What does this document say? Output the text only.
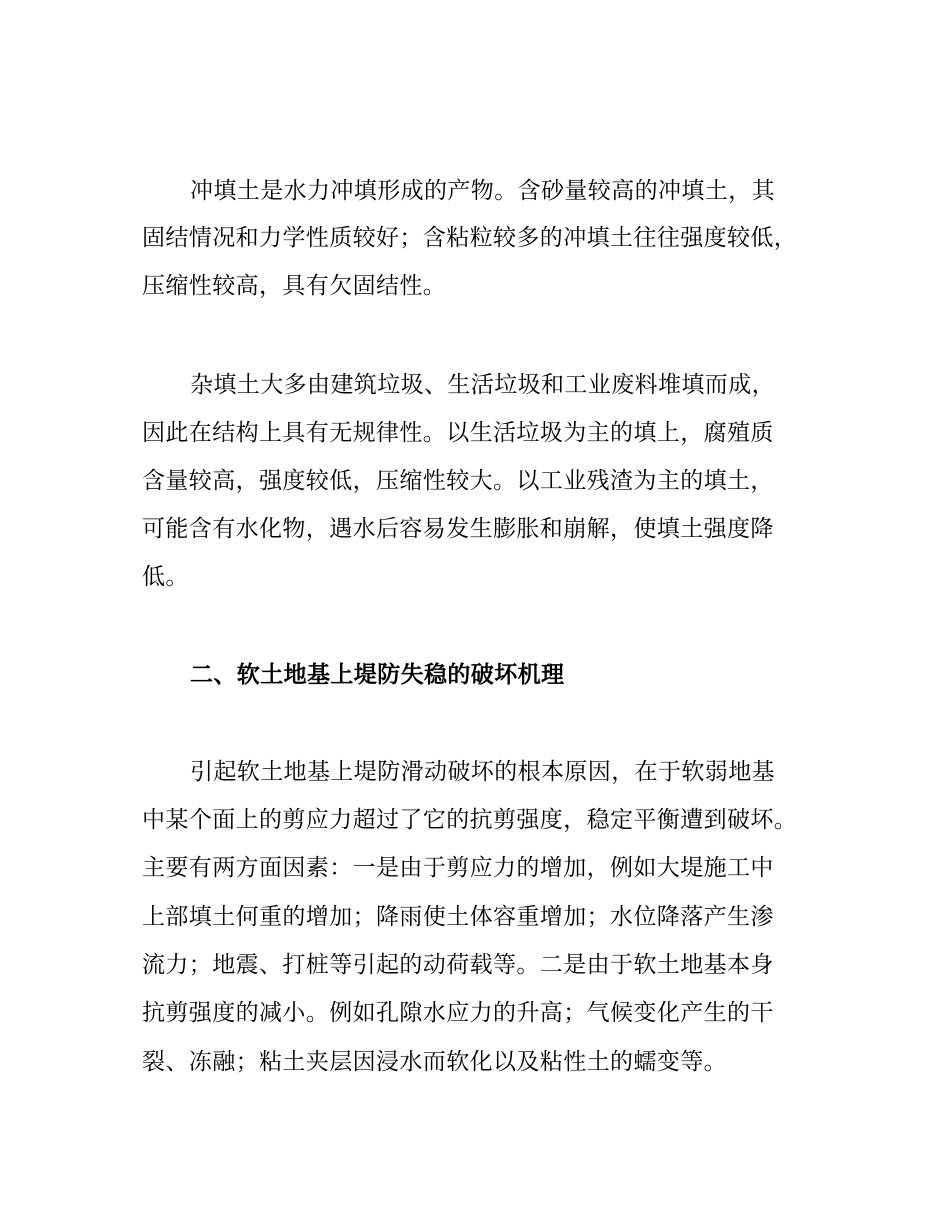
冲填土是水力冲填形成的产物。含砂量较高的冲填土，其
固结情况和力学性质较好；含粘粒较多的冲填土往往强度较低，
压缩性较高，具有欠固结性。
杂填土大多由建筑垃圾、生活垃圾和工业废料堆填而成，
因此在结构上具有无规律性。以生活垃圾为主的填上，腐殖质
含量较高，强度较低，压缩性较大。以工业残渣为主的填土，
可能含有水化物，遇水后容易发生膨胀和崩解，使填土强度降
低。
二、软土地基上堤防失稳的破坏机理
引起软土地基上堤防滑动破坏的根本原因，在于软弱地基
中某个面上的剪应力超过了它的抗剪强度，稳定平衡遭到破坏。
主要有两方面因素：一是由于剪应力的增加，例如大堤施工中
上部填土何重的增加；降雨使土体容重增加；水位降落产生渗
流力；地震、打桩等引起的动荷载等。二是由于软土地基本身
抗剪强度的减小。例如孔隙水应力的升高；气候变化产生的干
裂、冻融；粘土夹层因浸水而软化以及粘性土的蠕变等。
